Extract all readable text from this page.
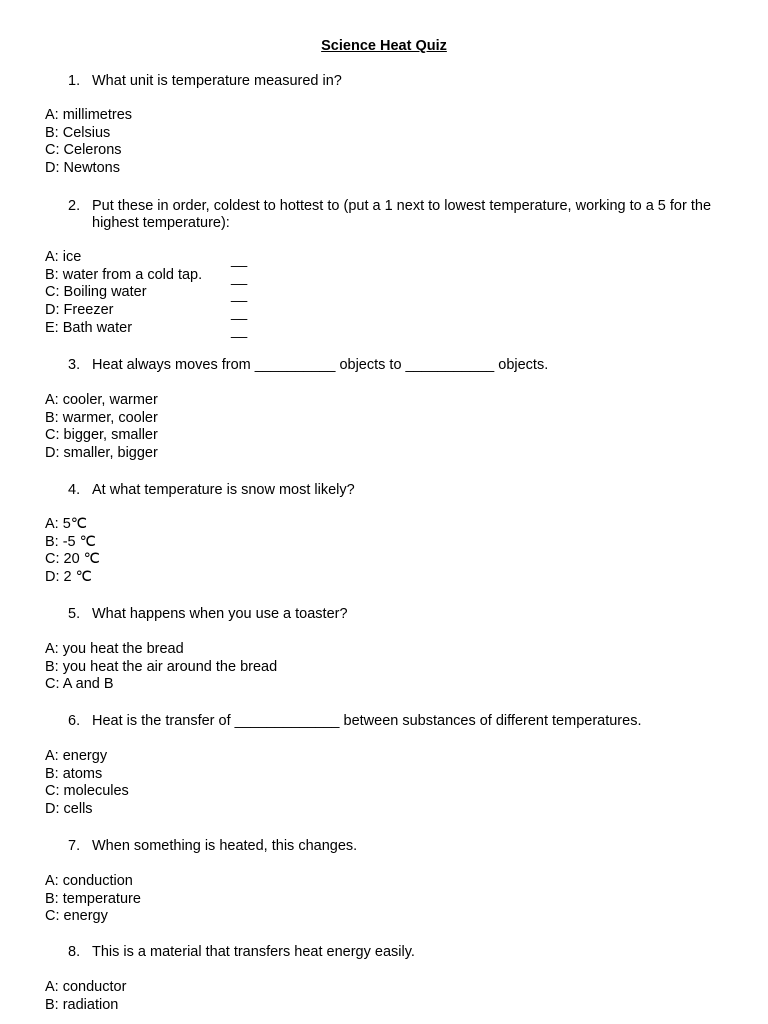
Science Heat Quiz
1. What unit is temperature measured in?
A: millimetres
B: Celsius
C: Celerons
D: Newtons
2. Put these in order, coldest to hottest to (put a 1 next to lowest temperature, working to a 5 for the highest temperature):
A: ice
B: water from a cold tap.
C: Boiling water
D: Freezer
E: Bath water
__
__
__
__
__
3. Heat always moves from __________ objects to ___________ objects.
A: cooler, warmer
B: warmer, cooler
C: bigger, smaller
D: smaller, bigger
4. At what temperature is snow most likely?
A: 5℃
B: -5 ℃
C: 20 ℃
D: 2 ℃
5. What happens when you use a toaster?
A: you heat the bread
B: you heat the air around the bread
C: A and B
6. Heat is the transfer of _____________ between substances of different temperatures.
A: energy
B: atoms
C: molecules
D: cells
7. When something is heated, this changes.
A: conduction
B: temperature
C: energy
8. This is a material that transfers heat energy easily.
A: conductor
B: radiation
